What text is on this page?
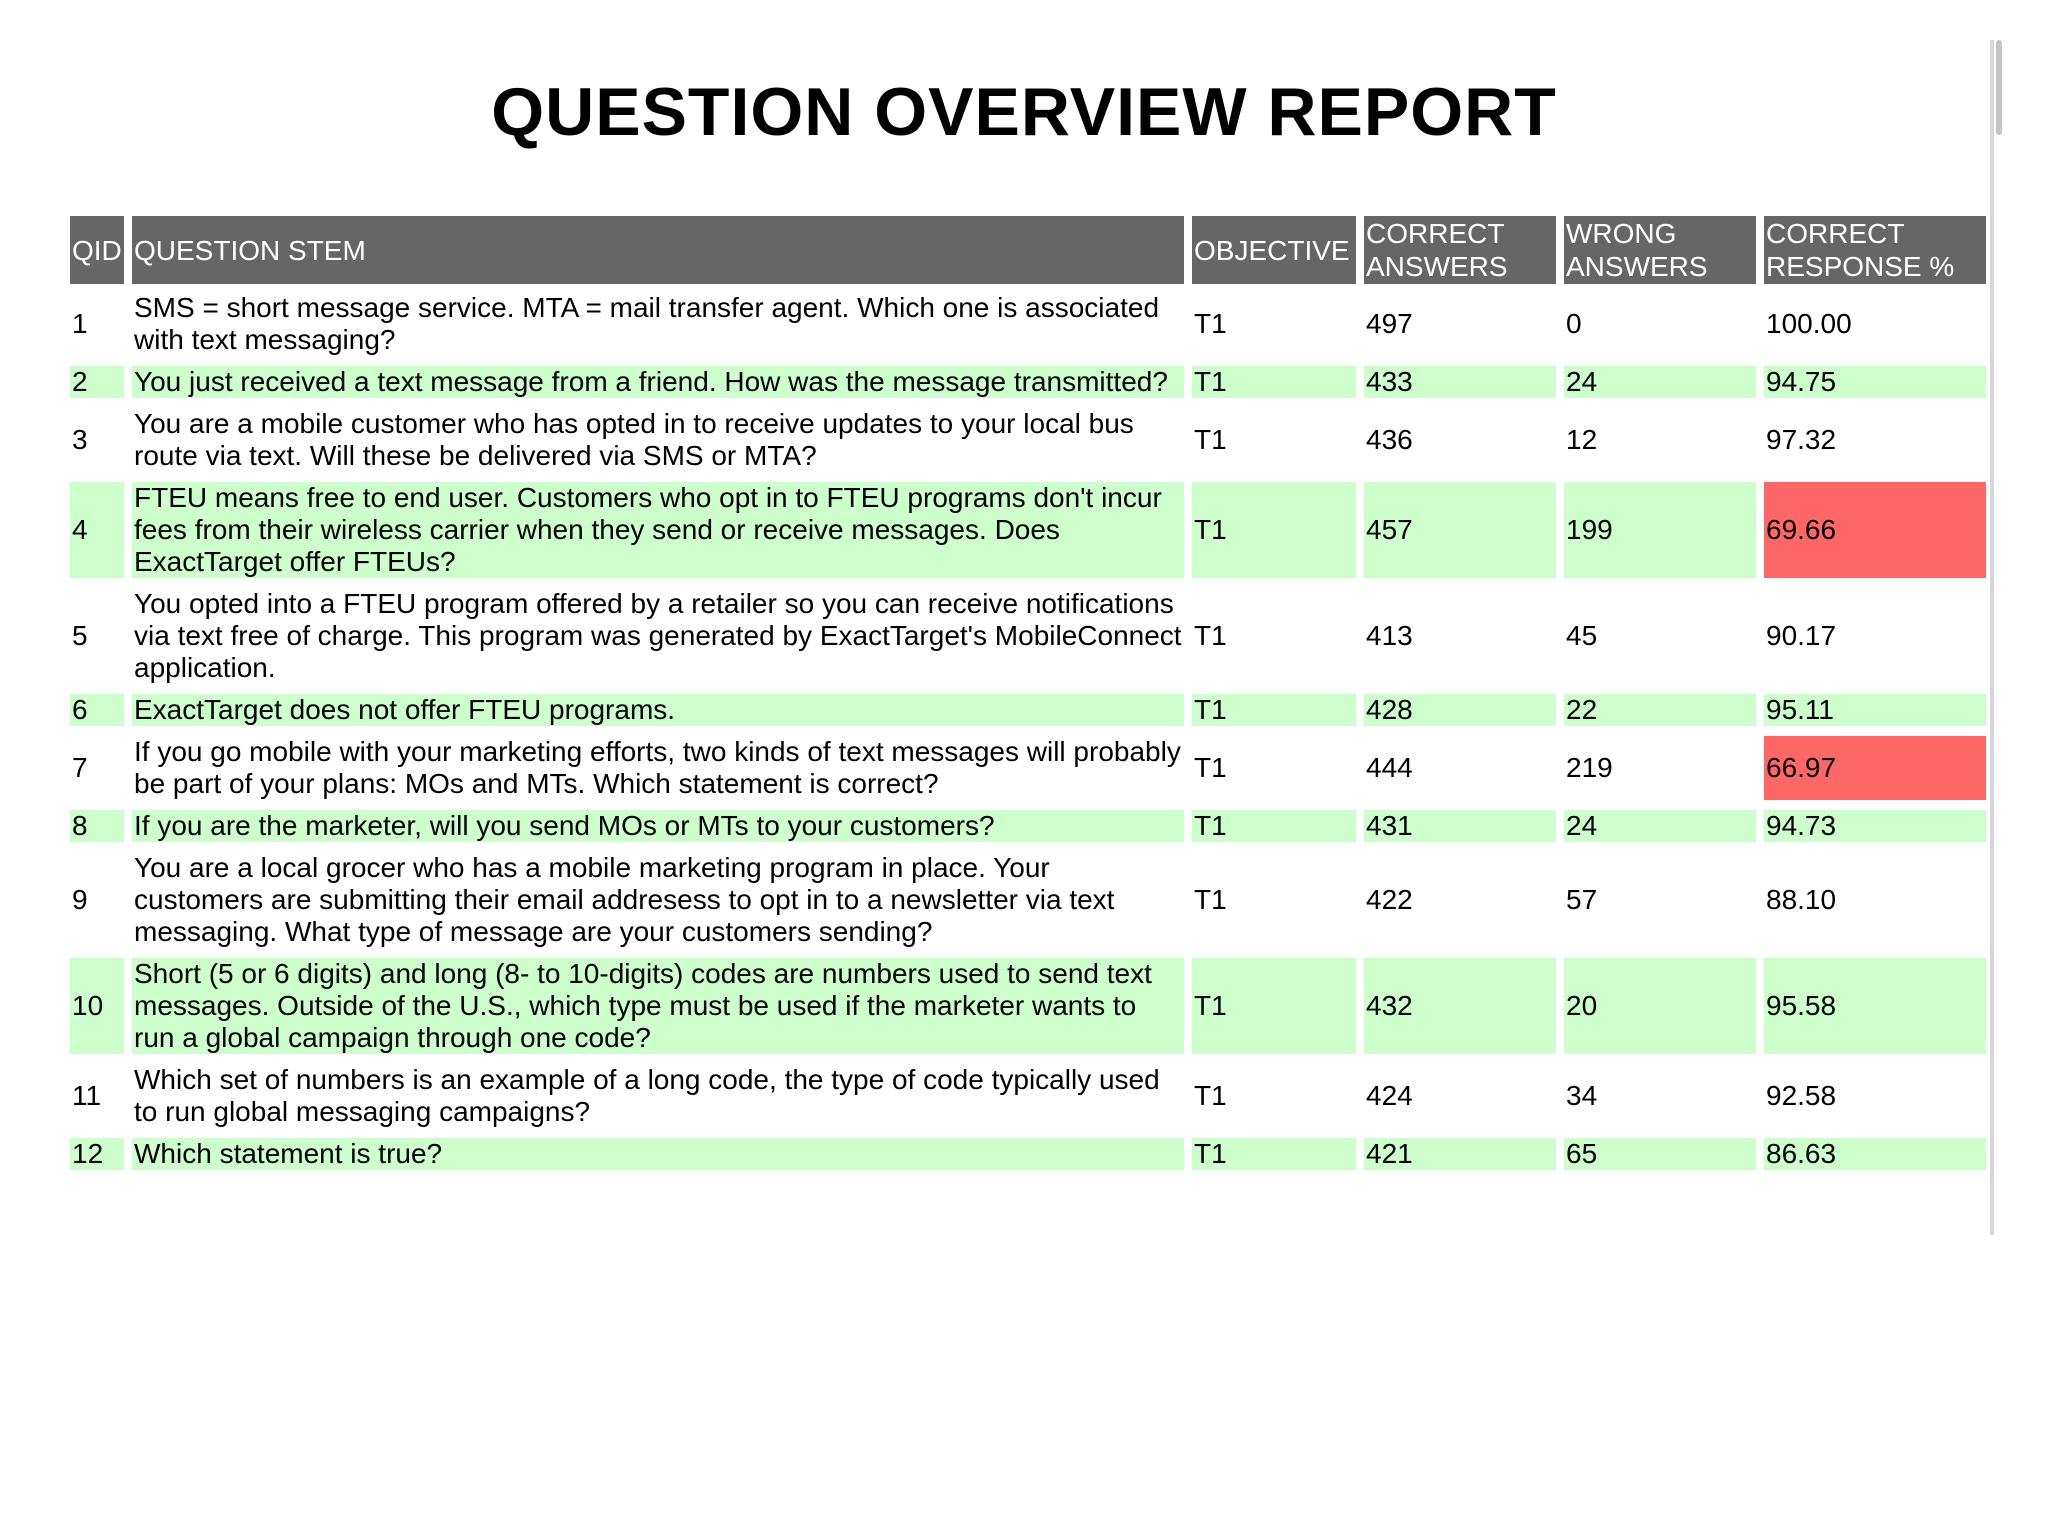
QUESTION OVERVIEW REPORT
QID	QUESTION STEM	OBJECTIVE	CORRECT ANSWERS	WRONG ANSWERS	CORRECT RESPONSE %
1	SMS = short message service. MTA = mail transfer agent. Which one is associated with text messaging?	T1	497	0	100.00
2	You just received a text message from a friend. How was the message transmitted?	T1	433	24	94.75
3	You are a mobile customer who has opted in to receive updates to your local bus route via text. Will these be delivered via SMS or MTA?	T1	436	12	97.32
4	FTEU means free to end user. Customers who opt in to FTEU programs don't incur fees from their wireless carrier when they send or receive messages. Does ExactTarget offer FTEUs?	T1	457	199	69.66
5	You opted into a FTEU program offered by a retailer so you can receive notifications via text free of charge. This program was generated by ExactTarget's MobileConnect application.	T1	413	45	90.17
6	ExactTarget does not offer FTEU programs.	T1	428	22	95.11
7	If you go mobile with your marketing efforts, two kinds of text messages will probably be part of your plans: MOs and MTs. Which statement is correct?	T1	444	219	66.97
8	If you are the marketer, will you send MOs or MTs to your customers?	T1	431	24	94.73
9	You are a local grocer who has a mobile marketing program in place. Your customers are submitting their email addresess to opt in to a newsletter via text messaging. What type of message are your customers sending?	T1	422	57	88.10
10	Short (5 or 6 digits) and long (8- to 10-digits) codes are numbers used to send text messages. Outside of the U.S., which type must be used if the marketer wants to run a global campaign through one code?	T1	432	20	95.58
11	Which set of numbers is an example of a long code, the type of code typically used to run global messaging campaigns?	T1	424	34	92.58
12	Which statement is true?	T1	421	65	86.63
